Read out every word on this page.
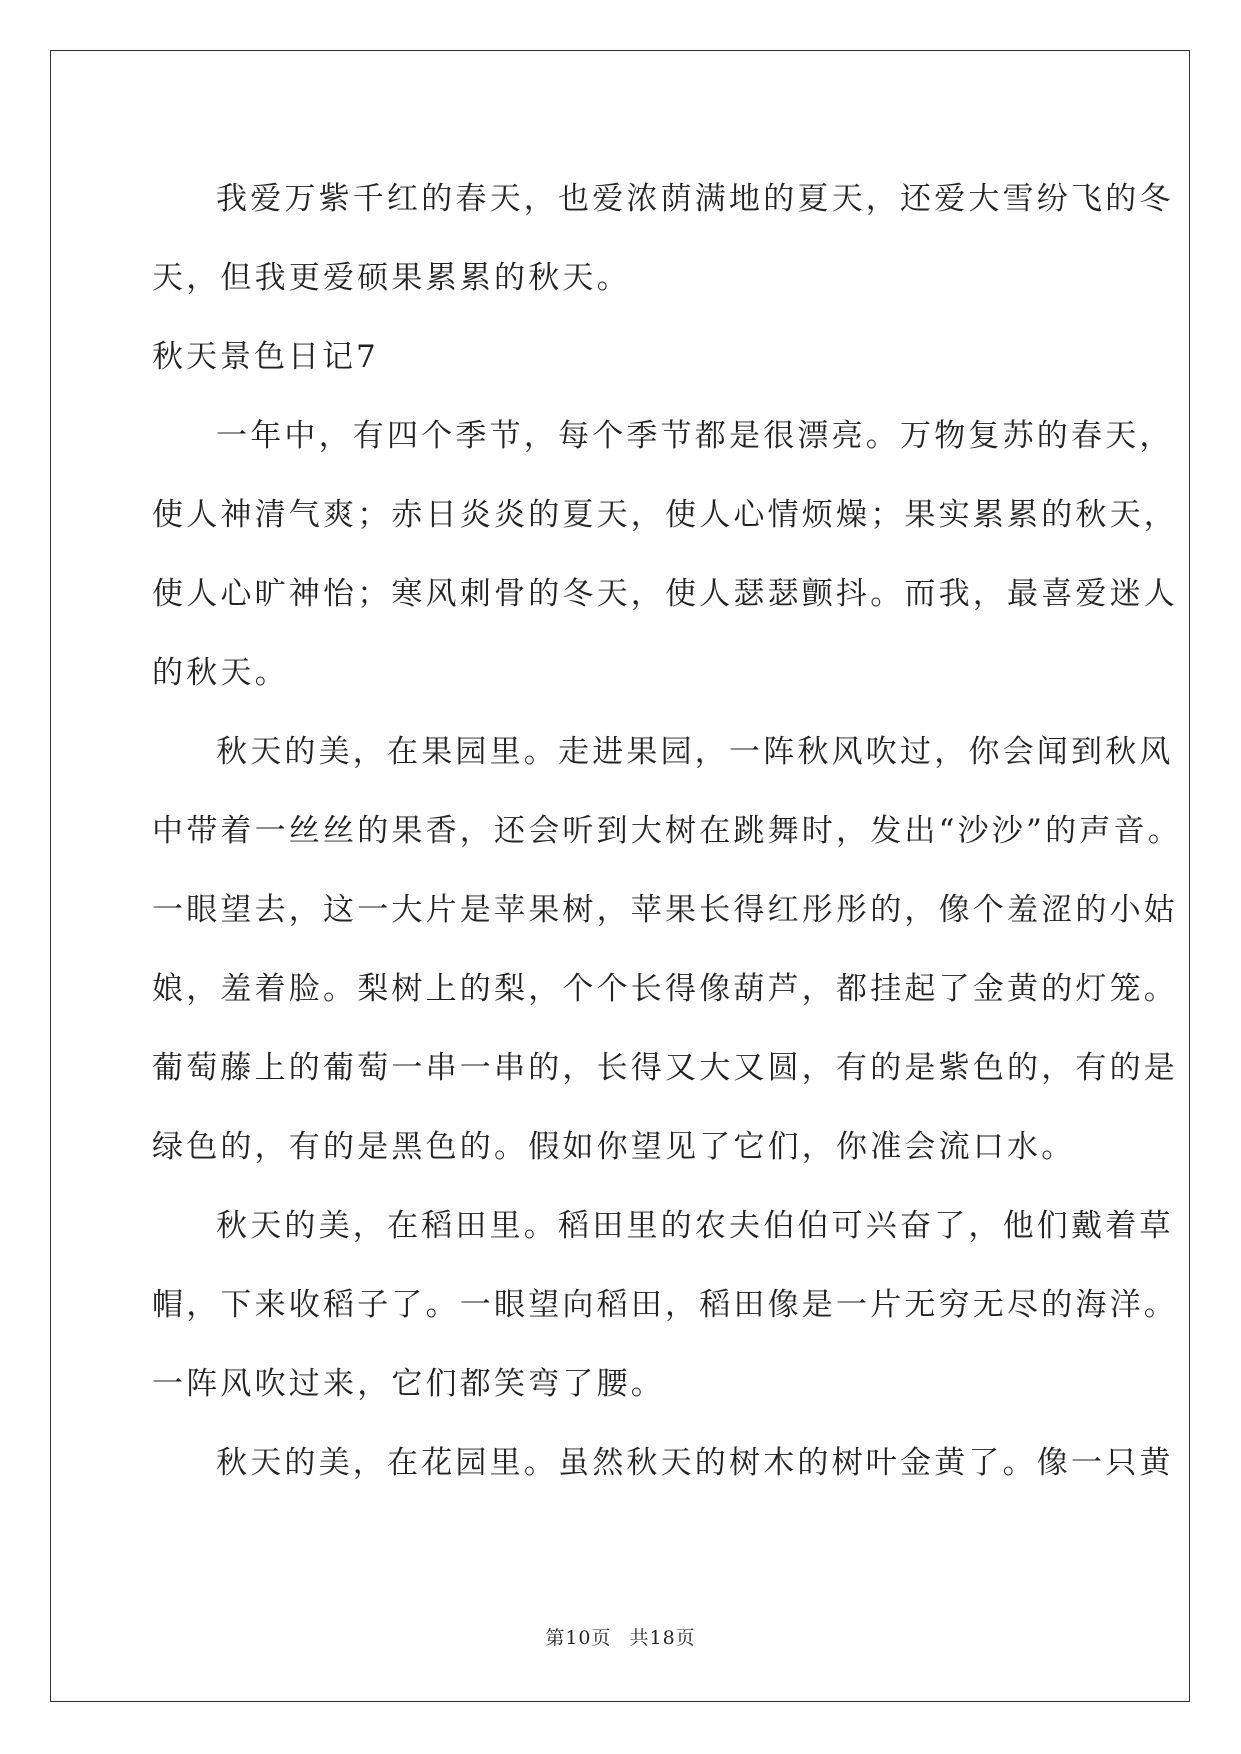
我爱万紫千红的春天，也爱浓荫满地的夏天，还爱大雪纷飞的冬

天，但我更爱硕果累累的秋天。

秋天景色日记7

一年中，有四个季节，每个季节都是很漂亮。万物复苏的春天，

使人神清气爽；赤日炎炎的夏天，使人心情烦燥；果实累累的秋天，

使人心旷神怡；寒风刺骨的冬天，使人瑟瑟颤抖。而我，最喜爱迷人

的秋天。

秋天的美，在果园里。走进果园，一阵秋风吹过，你会闻到秋风

中带着一丝丝的果香，还会听到大树在跳舞时，发出“沙沙”的声音。

一眼望去，这一大片是苹果树，苹果长得红彤彤的，像个羞涩的小姑

娘，羞着脸。梨树上的梨，个个长得像葫芦，都挂起了金黄的灯笼。

葡萄藤上的葡萄一串一串的，长得又大又圆，有的是紫色的，有的是

绿色的，有的是黑色的。假如你望见了它们，你准会流口水。

秋天的美，在稻田里。稻田里的农夫伯伯可兴奋了，他们戴着草

帽，下来收稻子了。一眼望向稻田，稻田像是一片无穷无尽的海洋。

一阵风吹过来，它们都笑弯了腰。

秋天的美，在花园里。虽然秋天的树木的树叶金黄了。像一只黄

第10页 共18页
